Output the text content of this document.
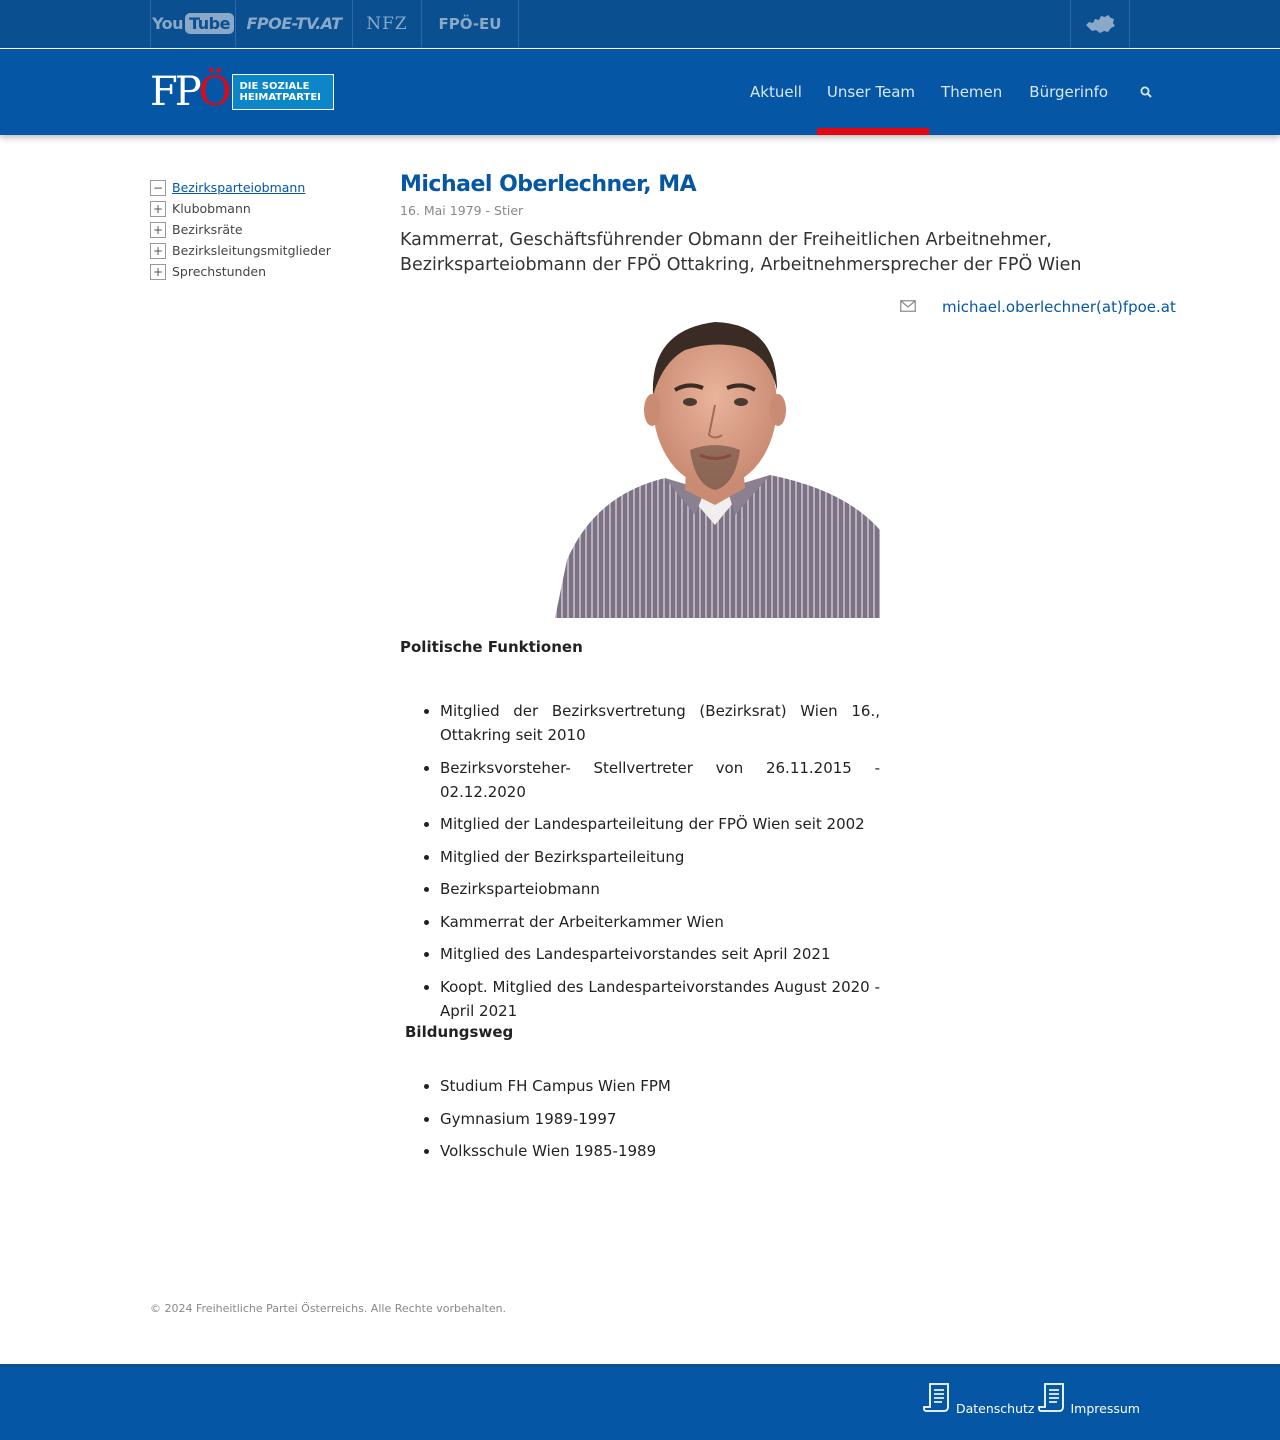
You Tube	FPOE-TV.AT	NFZ	FPÖ-EU
FP Ö DIE SOZIALE
HEIMATPARTEI	Aktuell	Unser Team	Themen	Bürgerinfo
− Bezirksparteiobmann
+ Klubobmann
+ Bezirksräte
+ Bezirksleitungsmitglieder
+ Sprechstunden
Michael Oberlechner, MA
16. Mai 1979 - Stier
Kammerrat, Geschäftsführender Obmann der Freiheitlichen Arbeitnehmer, Bezirksparteiobmann der FPÖ Ottakring, Arbeitnehmersprecher der FPÖ Wien
michael.oberlechner(at)fpoe.at
Politische Funktionen
• Mitglied der Bezirksvertretung (Bezirksrat) Wien 16., Ottakring seit 2010
• Bezirksvorsteher- Stellvertreter von 26.11.2015 - 02.12.2020
• Mitglied der Landesparteileitung der FPÖ Wien seit 2002
• Mitglied der Bezirksparteileitung
• Bezirksparteiobmann
• Kammerrat der Arbeiterkammer Wien
• Mitglied des Landesparteivorstandes seit April 2021
• Koopt. Mitglied des Landesparteivorstandes August 2020 - April 2021
Bildungsweg
• Studium FH Campus Wien FPM
• Gymnasium 1989-1997
• Volksschule Wien 1985-1989
© 2024 Freiheitliche Partei Österreichs. Alle Rechte vorbehalten.
Datenschutz	Impressum
